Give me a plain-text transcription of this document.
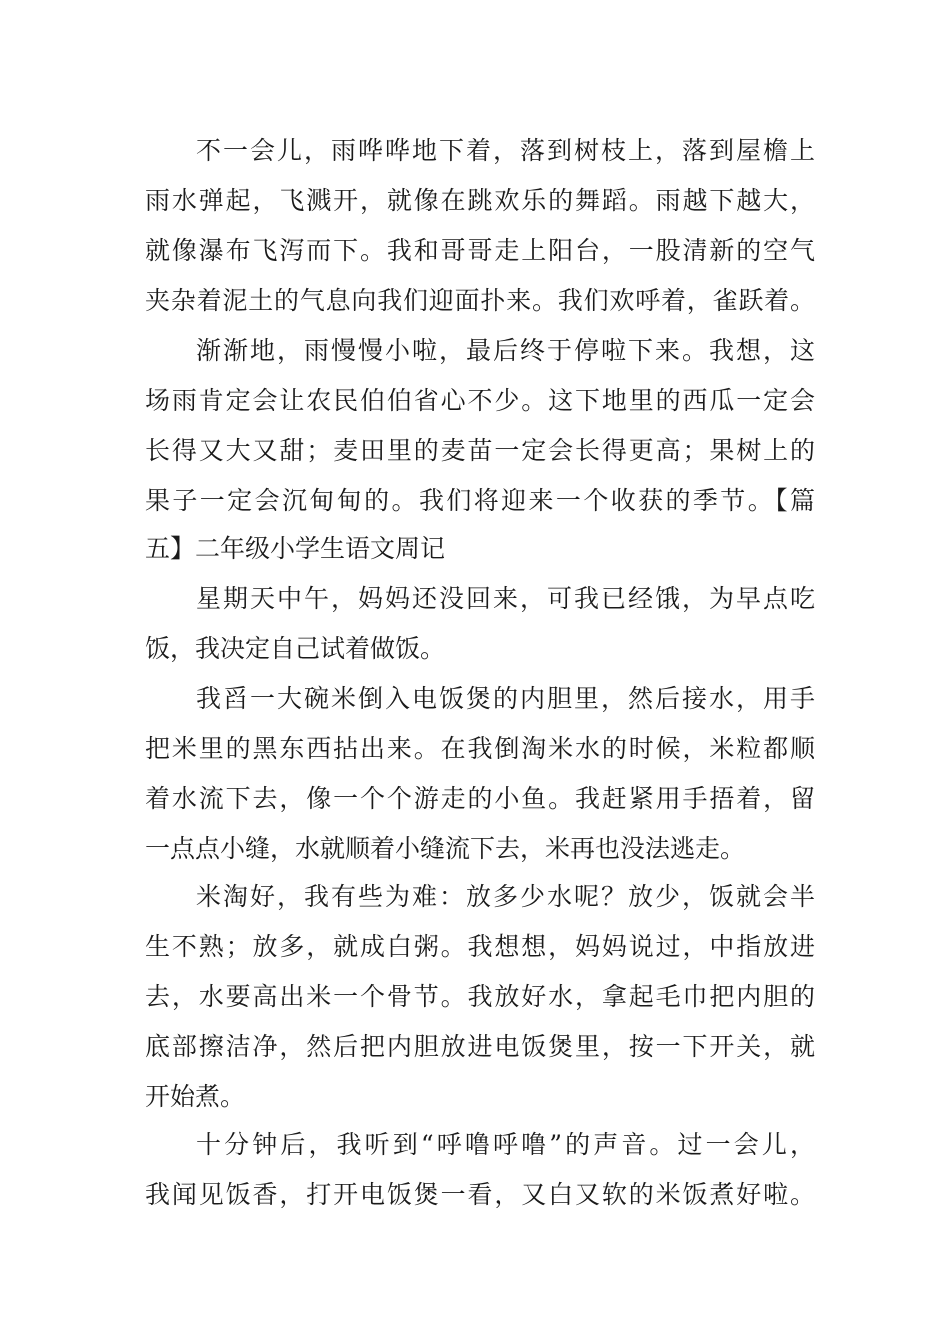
不一会儿，雨哗哗地下着，落到树枝上，落到屋檐上
雨水弹起，飞溅开，就像在跳欢乐的舞蹈。雨越下越大，
就像瀑布飞泻而下。我和哥哥走上阳台，一股清新的空气
夹杂着泥土的气息向我们迎面扑来。我们欢呼着，雀跃着。
渐渐地，雨慢慢小啦，最后终于停啦下来。我想，这
场雨肯定会让农民伯伯省心不少。这下地里的西瓜一定会
长得又大又甜；麦田里的麦苗一定会长得更高；果树上的
果子一定会沉甸甸的。我们将迎来一个收获的季节。【篇
五】二年级小学生语文周记
星期天中午，妈妈还没回来，可我已经饿，为早点吃
饭，我决定自己试着做饭。
我舀一大碗米倒入电饭煲的内胆里，然后接水，用手
把米里的黑东西拈出来。在我倒淘米水的时候，米粒都顺
着水流下去，像一个个游走的小鱼。我赶紧用手捂着，留
一点点小缝，水就顺着小缝流下去，米再也没法逃走。
米淘好，我有些为难：放多少水呢？放少，饭就会半
生不熟；放多，就成白粥。我想想，妈妈说过，中指放进
去，水要高出米一个骨节。我放好水，拿起毛巾把内胆的
底部擦洁净，然后把内胆放进电饭煲里，按一下开关，就
开始煮。
十分钟后，我听到“呼噜呼噜”的声音。过一会儿，
我闻见饭香，打开电饭煲一看，又白又软的米饭煮好啦。
